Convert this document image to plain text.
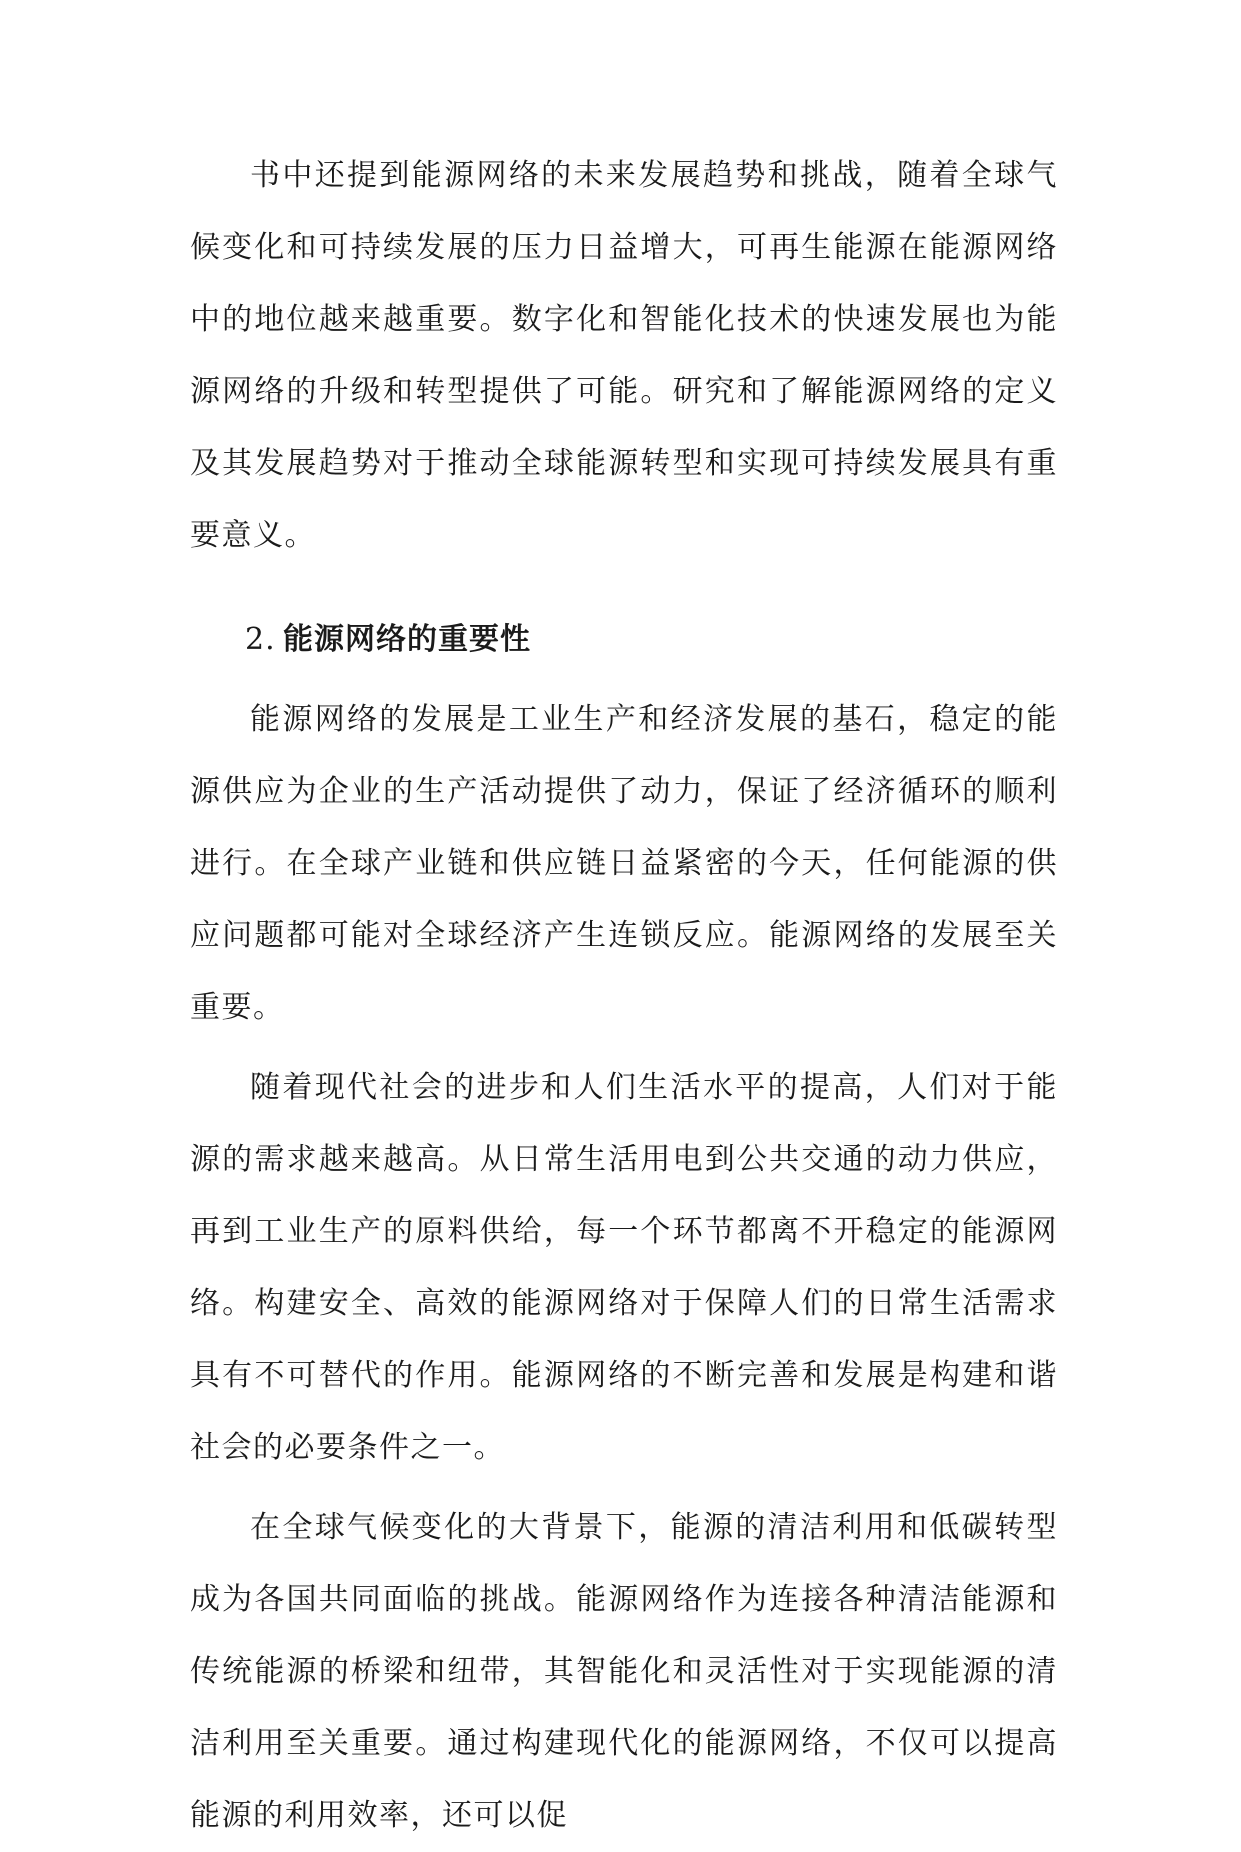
书中还提到能源网络的未来发展趋势和挑战，随着全球气候变化和可持续发展的压力日益增大，可再生能源在能源网络中的地位越来越重要。数字化和智能化技术的快速发展也为能源网络的升级和转型提供了可能。研究和了解能源网络的定义及其发展趋势对于推动全球能源转型和实现可持续发展具有重要意义。

2. 能源网络的重要性

能源网络的发展是工业生产和经济发展的基石，稳定的能源供应为企业的生产活动提供了动力，保证了经济循环的顺利进行。在全球产业链和供应链日益紧密的今天，任何能源的供应问题都可能对全球经济产生连锁反应。能源网络的发展至关重要。

随着现代社会的进步和人们生活水平的提高，人们对于能源的需求越来越高。从日常生活用电到公共交通的动力供应，再到工业生产的原料供给，每一个环节都离不开稳定的能源网络。构建安全、高效的能源网络对于保障人们的日常生活需求具有不可替代的作用。能源网络的不断完善和发展是构建和谐社会的必要条件之一。

在全球气候变化的大背景下，能源的清洁利用和低碳转型成为各国共同面临的挑战。能源网络作为连接各种清洁能源和传统能源的桥梁和纽带，其智能化和灵活性对于实现能源的清洁利用至关重要。通过构建现代化的能源网络，不仅可以提高能源的利用效率，还可以促
